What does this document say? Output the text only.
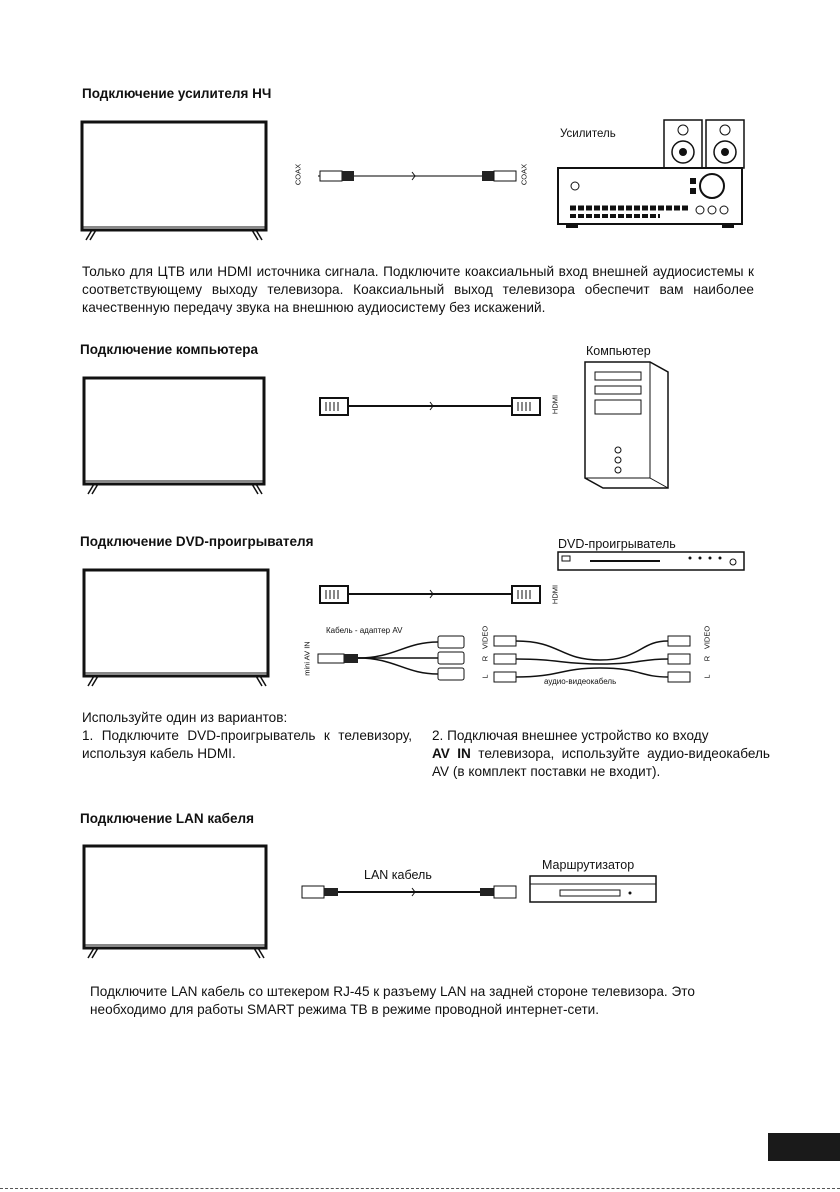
Подключение усилителя НЧ
COAX	COAX
Усилитель
Только для ЦТВ или HDMI источника сигнала. Подключите коаксиальный вход внешней аудиосистемы к соответствующему выходу телевизора. Коаксиальный выход телевизора обеспечит вам наиболее качественную передачу звука на внешнюю аудиосистему без искажений.
Подключение компьютера	Компьютер
HDMI
Подключение DVD-проигрывателя	DVD-проигрыватель
HDMI
Кабель - адаптер AV
mini AV IN
VIDEO
R
L
VIDEO
R
L
аудио-видеокабель
Используйте один из вариантов:
1. Подключите DVD-проигрыватель к телевизору, используя кабель HDMI.
2. Подключая внешнее устройство ко входу
AV IN телевизора, используйте аудио-видеокабель AV (в комплект поставки не входит).
Подключение LAN кабеля
LAN кабель
Маршрутизатор
Подключите LAN кабель со штекером RJ-45 к разъему LAN на задней стороне телевизора. Это необходимо для работы SMART режима ТВ в режиме проводной интернет-сети.
